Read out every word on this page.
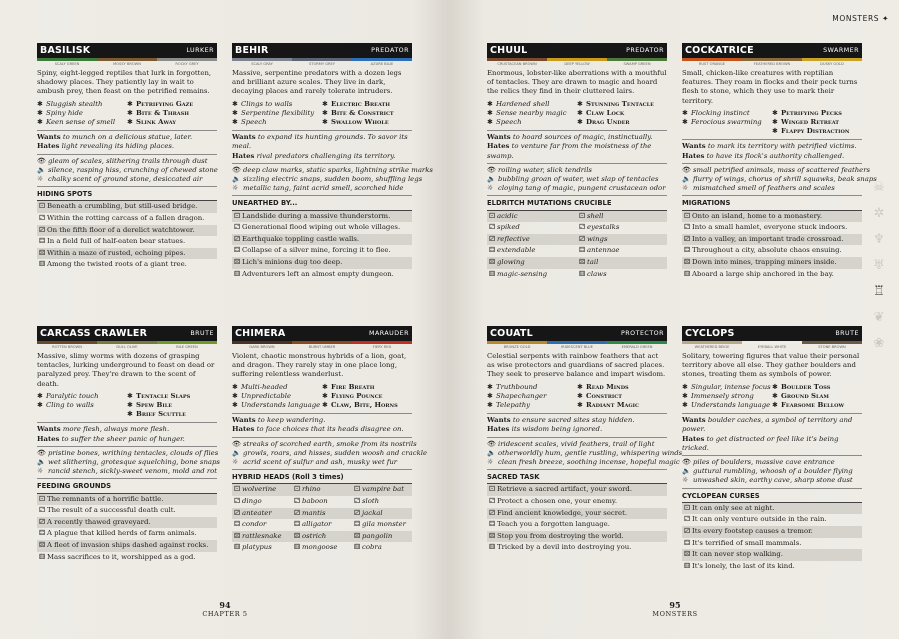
MONSTERS ✦
☠
✲
♆
♅
♖
❦
❀
94
CHAPTER 5
95
MONSTERS
BASILISK	LURKER
SCALY GREEN	MOSSY BROWN	ROCKY GREY
Spiny, eight-legged reptiles that lurk in forgotten, shadowy places. They patiently lay in wait to ambush prey, then feast on the petrified remains.
✱ Sluggish stealth
✱ Spiny hide
✱ Keen sense of smell
✱ Petrifying Gaze
✱ Bite & Thrash
✱ Slink Away
Wants to munch on a delicious statue, later.
Hates light revealing its hiding places.
👁 gleam of scales, slithering trails through dust
🔈 silence, rasping hiss, crunching of chewed stone
☼ chalky scent of ground stone, desiccated air
HIDING SPOTS
⚀ Beneath a crumbling, but still-used bridge.
⚁ Within the rotting carcass of a fallen dragon.
⚂ On the fifth floor of a derelict watchtower.
⚃ In a field full of half-eaten bear statues.
⚄ Within a maze of rusted, echoing pipes.
⚅ Among the twisted roots of a giant tree.
BEHIR	PREDATOR
SCALY GRAY	STORMY GREY	AZURE BLUE
Massive, serpentine predators with a dozen legs and brilliant azure scales. They live in dark, decaying places and rarely tolerate intruders.
✱ Clings to walls
✱ Serpentine flexibility
✱ Speech
✱ Electric Breath
✱ Bite & Constrict
✱ Swallow Whole
Wants to expand its hunting grounds. To savor its meal.
Hates rival predators challenging its territory.
👁 deep claw marks, static sparks, lightning strike marks
🔈 sizzling electric snaps, sudden boom, shuffling legs
☼ metallic tang, faint acrid smell, scorched hide
UNEARTHED BY...
⚀ Landslide during a massive thunderstorm.
⚁ Generational flood wiping out whole villages.
⚂ Earthquake toppling castle walls.
⚃ Collapse of a silver mine, forcing it to flee.
⚄ Lich's minions dug too deep.
⚅ Adventurers left an almost empty dungeon.
CARCASS CRAWLER	BRUTE
ROTTEN BROWN	DULL OLIVE	BILE GREEN
Massive, slimy worms with dozens of grasping tentacles, lurking underground to feast on dead or paralyzed prey. They're drawn to the scent of death.
✱ Paralytic touch
✱ Cling to walls
✱ Tentacle Slaps
✱ Spew Bile
✱ Brief Scuttle
Wants more flesh, always more flesh.
Hates to suffer the sheer panic of hunger.
👁 pristine bones, writhing tentacles, clouds of flies
🔈 wet slithering, grotesque squelching, bone snaps
☼ rancid stench, sickly-sweet venom, mold and rot
FEEDING GROUNDS
⚀ The remnants of a horrific battle.
⚁ The result of a successful death cult.
⚂ A recently thawed graveyard.
⚃ A plague that killed herds of farm animals.
⚄ A fleet of invasion ships dashed against rocks.
⚅ Mass sacrifices to it, worshipped as a god.
CHIMERA	MARAUDER
DARK BROWN	BURNT UMBER	FIERY RED
Violent, chaotic monstrous hybrids of a lion, goat, and dragon. They rarely stay in one place long, suffering relentless wanderlust.
✱ Multi-headed
✱ Unpredictable
✱ Understands language
✱ Fire Breath
✱ Flying Pounce
✱ Claw, Bite, Horns
Wants to keep wandering.
Hates to face choices that its heads disagree on.
👁 streaks of scorched earth, smoke from its nostrils
🔈 growls, roars, and hisses, sudden woosh and crackle
☼ acrid scent of sulfur and ash, musky wet fur
HYBRID HEADS (Roll 3 times)
⚀ wolverine	⚀ rhino	⚀ vampire bat
⚁ dingo	⚁ baboon	⚁ sloth
⚂ anteater	⚂ mantis	⚂ jackal
⚃ condor	⚃ alligator	⚃ gila monster
⚄ rattlesnake ⚄ ostrich	⚄ pangolin
⚅ platypus	⚅ mongoose ⚅ cobra
CHUUL	PREDATOR
CRUSTACEAN BROWN	DEEP YELLOW	SWAMP GREEN
Enormous, lobster-like aberrations with a mouthful of tentacles. They are drawn to magic and hoard the relics they find in their cluttered lairs.
✱ Hardened shell
✱ Sense nearby magic
✱ Speech
✱ Stunning Tentacle
✱ Claw Lock
✱ Drag Under
Wants to hoard sources of magic, instinctually.
Hates to venture far from the moistness of the swamp.
👁 roiling water, slick tendrils
🔈 bubbling groan of water, wet slap of tentacles
☼ cloying tang of magic, pungent crustacean odor
ELDRITCH MUTATIONS CRUCIBLE
⚀ acidic	⚀ shell
⚁ spiked	⚁ eyestalks
⚂ reflective	⚂ wings
⚃ extendable	⚃ antennae
⚄ glowing	⚄ tail
⚅ magic-sensing	⚅ claws
COCKATRICE	SWARMER
RUST ORANGE	FEATHERED BROWN	DUSKY GOLD
Small, chicken-like creatures with reptilian features. They roam in flocks and their peck turns flesh to stone, which they use to mark their territory.
✱ Flocking instinct
✱ Ferocious swarming
✱ Petrifying Pecks
✱ Winged Retreat
✱ Flappy Distraction
Wants to mark its territory with petrified victims.
Hates to have its flock's authority challenged.
👁 small petrified animals, mass of scattered feathers
🔈 flurry of wings, chorus of shrill squawks, beak snaps
☼ mismatched smell of feathers and scales
MIGRATIONS
⚀ Onto an island, home to a monastery.
⚁ Into a small hamlet, everyone stuck indoors.
⚂ Into a valley, an important trade crossroad.
⚃ Throughout a city, absolute chaos ensuing.
⚄ Down into mines, trapping miners inside.
⚅ Aboard a large ship anchored in the bay.
COUATL	PROTECTOR
BRONZE GOLD	IRIDESCENT BLUE	EMERALD GREEN
Celestial serpents with rainbow feathers that act as wise protectors and guardians of sacred places. They seek to preserve balance and impart wisdom.
✱ Truthbound
✱ Shapechanger
✱ Telepathy
✱ Read Minds
✱ Constrict
✱ Radiant Magic
Wants to ensure sacred sites stay hidden.
Hates its wisdom being ignored.
👁 iridescent scales, vivid feathers, trail of light
🔈 otherworldly hum, gentle rustling, whispering winds
☼ clean fresh breeze, soothing incense, hopeful magic
SACRED TASK
⚀ Retrieve a sacred artifact, your sword.
⚁ Protect a chosen one, your enemy.
⚂ Find ancient knowledge, your secret.
⚃ Teach you a forgotten language.
⚄ Stop you from destroying the world.
⚅ Tricked by a devil into destroying you.
CYCLOPS	BRUTE
WEATHERED BEIGE	EYEBALL WHITE	STONE BROWN
Solitary, towering figures that value their personal territory above all else. They gather boulders and stones, treating them as symbols of power.
✱ Singular, intense focus
✱ Immensely strong
✱ Understands language
✱ Boulder Toss
✱ Ground Slam
✱ Fearsome Bellow
Wants boulder caches, a symbol of territory and power.
Hates to get distracted or feel like it's being tricked.
👁 piles of boulders, massive cave entrance
🔈 guttural rumbling, whoosh of a boulder flying
☼ unwashed skin, earthy cave, sharp stone dust
CYCLOPEAN CURSES
⚀ It can only see at night.
⚁ It can only venture outside in the rain.
⚂ Its every footstep causes a tremor.
⚃ It's terrified of small mammals.
⚄ It can never stop walking.
⚅ It's lonely, the last of its kind.
